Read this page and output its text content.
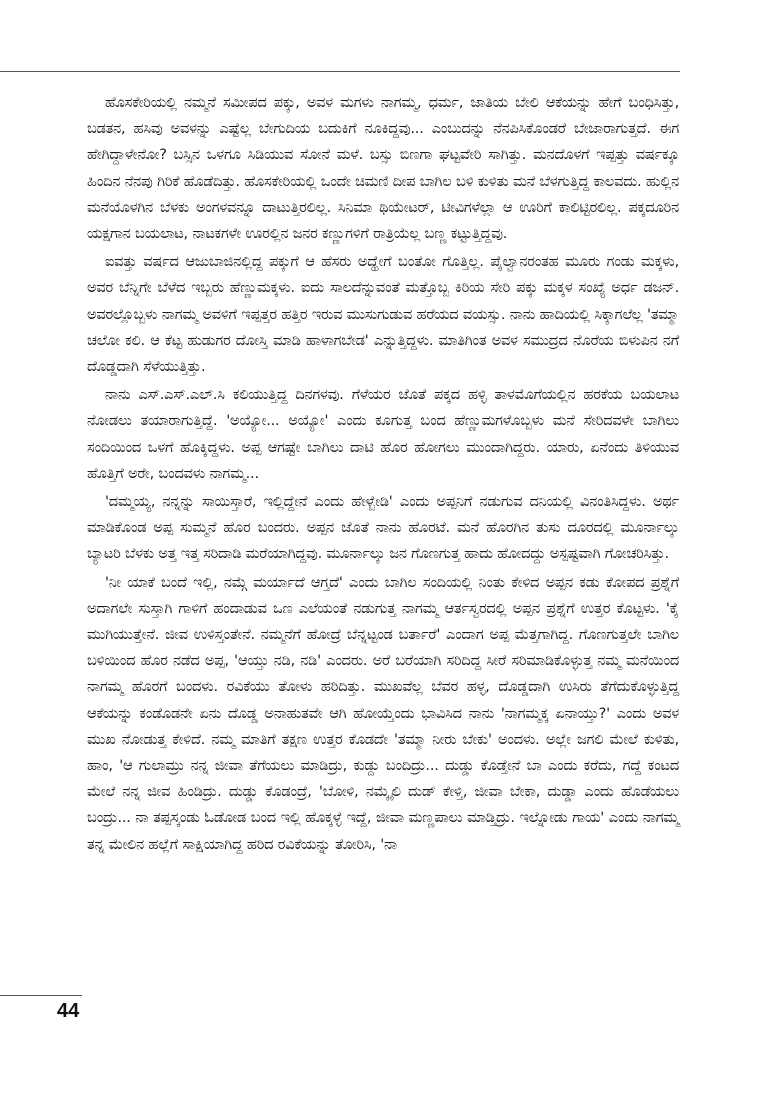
ಹೊಸಕೇರಿಯಲ್ಲಿ ನಮ್ಮನೆ ಸಮೀಪದ ಪಕ್ಕು, ಅವಳ ಮಗಳು ನಾಗಮ್ಮ, ಧರ್ಮ, ಜಾತಿಯ ಬೇಲಿ ಆಕೆಯನ್ನು ಹೇಗೆ ಬಂಧಿಸಿತ್ತು, ಬಡತನ, ಹಸಿವು ಅವಳನ್ನು ಎಷ್ಟೆಲ್ಲ ಬೇಗುದಿಯ ಬದುಕಿಗೆ ನೂಕಿದ್ದವು... ಎಂಬುದನ್ನು ನೆನಪಿಸಿಕೊಂಡರೆ ಬೇಜಾರಾಗುತ್ತದೆ. ಈಗ ಹೇಗಿದ್ದಾಳೇನೋ? ಬಸ್ಸಿನ ಒಳಗೂ ಸಿಡಿಯುವ ಸೋನೆ ಮಳೆ. ಬಸ್ಸು ಬಿಣಗಾ ಘಟ್ಟವೇರಿ ಸಾಗಿತ್ತು. ಮನದೊಳಗೆ ಇಪ್ಪತ್ತು ವರ್ಷಕ್ಕೂ ಹಿಂದಿನ ನೆನಪು ಗಿರಿಕೆ ಹೊಡೆದಿತ್ತು. ಹೊಸಕೇರಿಯಲ್ಲಿ ಒಂದೇ ಚಿಮಣಿ ದೀಪ ಬಾಗಿಲ ಬಳಿ ಕುಳಿತು ಮನೆ ಬೆಳಗುತ್ತಿದ್ದ ಕಾಲವದು. ಹುಲ್ಲಿನ ಮನೆಯೊಳಗಿನ ಬೆಳಕು ಅಂಗಳವನ್ನೂ ದಾಟುತ್ತಿರಲಿಲ್ಲ. ಸಿನಿಮಾ ಥಿಯೇಟರ್, ಟೀವಿಗಳೆಲ್ಲಾ ಆ ಊರಿಗೆ ಕಾಲಿಟ್ಟಿರಲಿಲ್ಲ. ಪಕ್ಕದೂರಿನ ಯಕ್ಷಗಾನ ಬಯಲಾಟ, ನಾಟಕಗಳೇ ಊರಲ್ಲಿನ ಜನರ ಕಣ್ಣುಗಳಿಗೆ ರಾತ್ರಿಯೆಲ್ಲ ಬಣ್ಣ ಕಟ್ಟುತ್ತಿದ್ದವು.

ಐವತ್ತು ವರ್ಷದ ಆಜುಬಾಜಿನಲ್ಲಿದ್ದ ಪಕ್ಕುಗೆ ಆ ಹೆಸರು ಅದ್ಹೇಗೆ ಬಂತೋ ಗೊತ್ತಿಲ್ಲ. ಪೈಲ್ವಾನರಂತಹ ಮೂರು ಗಂಡು ಮಕ್ಕಳು, ಅವರ ಬೆನ್ನಿಗೇ ಬೆಳೆದ ಇಬ್ಬರು ಹೆಣ್ಣುಮಕ್ಕಳು. ಐದು ಸಾಲದೆನ್ನುವಂತೆ ಮತ್ತೊಬ್ಬ ಕಿರಿಯ ಸೇರಿ ಪಕ್ಕು ಮಕ್ಕಳ ಸಂಖ್ಯೆ ಅರ್ಧ ಡಜನ್. ಅವರಲ್ಲೊಬ್ಬಳು ನಾಗಮ್ಮ ಅವಳಿಗೆ ಇಪ್ಪತ್ತರ ಹತ್ತಿರ ಇರುವ ಮುಸುಗುಡುವ ಹರೆಯದ ವಯಸ್ಸು. ನಾನು ಹಾದಿಯಲ್ಲಿ ಸಿಕ್ಕಾಗಲೆಲ್ಲ 'ತಮ್ಮಾ ಚಲೋ ಕಲಿ. ಆ ಕೆಟ್ಟ ಹುಡುಗರ ದೋಸ್ತಿ ಮಾಡಿ ಹಾಳಾಗಬೇಡ' ಎನ್ನುತ್ತಿದ್ದಳು. ಮಾತಿಗಿಂತ ಅವಳ ಸಮುದ್ರದ ನೊರೆಯ ಬಿಳುಪಿನ ನಗೆ ದೊಡ್ಡದಾಗಿ ಸೆಳೆಯುತ್ತಿತ್ತು.

ನಾನು ಎಸ್.ಎಸ್.ಎಲ್.ಸಿ ಕಲಿಯುತ್ತಿದ್ದ ದಿನಗಳವು. ಗೆಳೆಯರ ಜೊತೆ ಪಕ್ಕದ ಹಳ್ಳಿ ತಾಳಮೊಗೆಯಲ್ಲಿನ ಹರಕೆಯ ಬಯಲಾಟ ನೋಡಲು ತಯಾರಾಗುತ್ತಿದ್ದೆ. 'ಅಯ್ಯೋ... ಅಯ್ಯೋ' ಎಂದು ಕೂಗುತ್ತ ಬಂದ ಹೆಣ್ಣುಮಗಳೊಬ್ಬಳು ಮನೆ ಸೇರಿದವಳೇ ಬಾಗಿಲು ಸಂದಿಯಿಂದ ಒಳಗೆ ಹೊಕ್ಕಿದ್ದಳು. ಅಪ್ಪ ಆಗಷ್ಟೇ ಬಾಗಿಲು ದಾಟಿ ಹೊರ ಹೋಗಲು ಮುಂದಾಗಿದ್ದರು. ಯಾರು, ಏನೆಂದು ತಿಳಿಯುವ ಹೊತ್ತಿಗೆ ಅರೇ, ಬಂದವಳು ನಾಗಮ್ಮ...

'ದಮ್ಮಯ್ಯ, ನನ್ನನ್ನು ಸಾಯಿಸ್ತಾರೆ, ಇಲ್ಲಿದ್ದೇನೆ ಎಂದು ಹೇಳ್ಬೇಡಿ' ಎಂದು ಅಪ್ಪನಿಗೆ ನಡುಗುವ ದನಿಯಲ್ಲಿ ವಿನಂತಿಸಿದ್ದಳು. ಅರ್ಥ ಮಾಡಿಕೊಂಡ ಅಪ್ಪ ಸುಮ್ಮನೆ ಹೊರ ಬಂದರು. ಅಪ್ಪನ ಜೊತೆ ನಾನು ಹೊರಟೆ. ಮನೆ ಹೊರಗಿನ ತುಸು ದೂರದಲ್ಲಿ ಮೂರ್ನಾಲ್ಕು ಬ್ಯಾಟರಿ ಬೆಳಕು ಅತ್ತ ಇತ್ತ ಸರಿದಾಡಿ ಮರೆಯಾಗಿದ್ದವು. ಮೂರ್ನಾಲ್ಕು ಜನ ಗೊಣಗುತ್ತ ಹಾದು ಹೋದದ್ದು ಅಸ್ಪಷ್ಟವಾಗಿ ಗೋಚರಿಸಿತ್ತು.

'ನೀ ಯಾಕೆ ಬಂದೆ ಇಲ್ಲಿ, ನಮ್ಗೆ ಮರ್ಯಾದೆ ಆಗ್ತದೆ' ಎಂದು ಬಾಗಿಲ ಸಂದಿಯಲ್ಲಿ ನಿಂತು ಕೇಳಿದ ಅಪ್ಪನ ಕಡು ಕೋಪದ ಪ್ರಶ್ನೆಗೆ ಅದಾಗಲೇ ಸುಸ್ತಾಗಿ ಗಾಳಿಗೆ ಹಂದಾಡುವ ಒಣ ಎಲೆಯಂತೆ ನಡುಗುತ್ತ ನಾಗಮ್ಮ ಆರ್ತಸ್ವರದಲ್ಲಿ ಅಪ್ಪನ ಪ್ರಶ್ನೆಗೆ ಉತ್ತರ ಕೊಟ್ಟಳು. 'ಕೈ ಮುಗಿಯುತ್ತೇನೆ. ಜೀವ ಉಳಿಸ್ತಂತೇನೆ. ನಮ್ಮನೆಗೆ ಹೋದ್ರೆ ಬೆನ್ನಟ್ಟಂಡ ಬರ್ತಾರೆ' ಎಂದಾಗ ಅಪ್ಪ ಮೆತ್ತಗಾಗಿದ್ದ. ಗೊಣಗುತ್ತಲೇ ಬಾಗಿಲ ಬಳಿಯಿಂದ ಹೊರ ನಡೆದ ಅಪ್ಪ, 'ಆಯ್ತು ನಡಿ, ನಡಿ' ಎಂದರು. ಅರೆ ಬರೆಯಾಗಿ ಸರಿದಿದ್ದ ಸೀರೆ ಸರಿಮಾಡಿಕೊಳ್ಳುತ್ತ ನಮ್ಮ ಮನೆಯಿಂದ ನಾಗಮ್ಮ ಹೊರಗೆ ಬಂದಳು. ರವಿಕೆಯು ತೋಳು ಹರಿದಿತ್ತು. ಮುಖವೆಲ್ಲ ಬೆವರ ಹಳ್ಳ, ದೊಡ್ಡದಾಗಿ ಉಸಿರು ತೆಗೆದುಕೊಳ್ಳುತ್ತಿದ್ದ ಆಕೆಯನ್ನು ಕಂಡೊಡನೇ ಏನು ದೊಡ್ಡ ಅನಾಹುತವೇ ಆಗಿ ಹೋಯ್ತೆಂದು ಭಾವಿಸಿದ ನಾನು 'ನಾಗಮ್ಮಕ್ಕ ಏನಾಯ್ತು?' ಎಂದು ಅವಳ ಮುಖ ನೋಡುತ್ತ ಕೇಳಿದೆ. ನಮ್ಮ ಮಾತಿಗೆ ತಕ್ಷಣ ಉತ್ತರ ಕೊಡದೇ 'ತಮ್ಮಾ ನೀರು ಬೇಕು' ಅಂದಳು. ಅಲ್ಲೇ ಜಗಲಿ ಮೇಲೆ ಕುಳಿತು, ಹಾಂ, 'ಆ ಗುಲಾಮ್ರು ನನ್ನ ಜೀವಾ ತೆಗೆಯಲು ಮಾಡಿದ್ರು, ಕುಡ್ದು ಬಂದಿದ್ರು... ದುಡ್ಡು ಕೊಡ್ತೇನೆ ಬಾ ಎಂದು ಕರೆದು, ಗದ್ದೆ ಕಂಟದ ಮೇಲೆ ನನ್ನ ಜೀವ ಹಿಂಡಿದ್ರು. ದುಡ್ಡು ಕೊಡಂದ್ರೆ, 'ಬೋಳಿ, ನಮ್ಕೈಲಿ ದುಡ್ ಕೇಳ್ತಿ, ಜೀವಾ ಬೇಕಾ, ದುಡ್ಡಾ ಎಂದು ಹೊಡೆಯಲು ಬಂದ್ರು... ನಾ ತಪ್ಪಸ್ಕಂಡು ಓಡೋಡ ಬಂದ ಇಲ್ಲಿ ಹೊಕ್ಕಳ್ಳೆ ಇದ್ದೆ, ಜೀವಾ ಮಣ್ಣಪಾಲು ಮಾಡ್ತಿದ್ರು. ಇಲ್ನೋಡು ಗಾಯ' ಎಂದು ನಾಗಮ್ಮ ತನ್ನ ಮೇಲಿನ ಹಲ್ಲೆಗೆ ಸಾಕ್ಷಿಯಾಗಿದ್ದ ಹರಿದ ರವಿಕೆಯನ್ನು ತೋರಿಸಿ, 'ನಾ

44
